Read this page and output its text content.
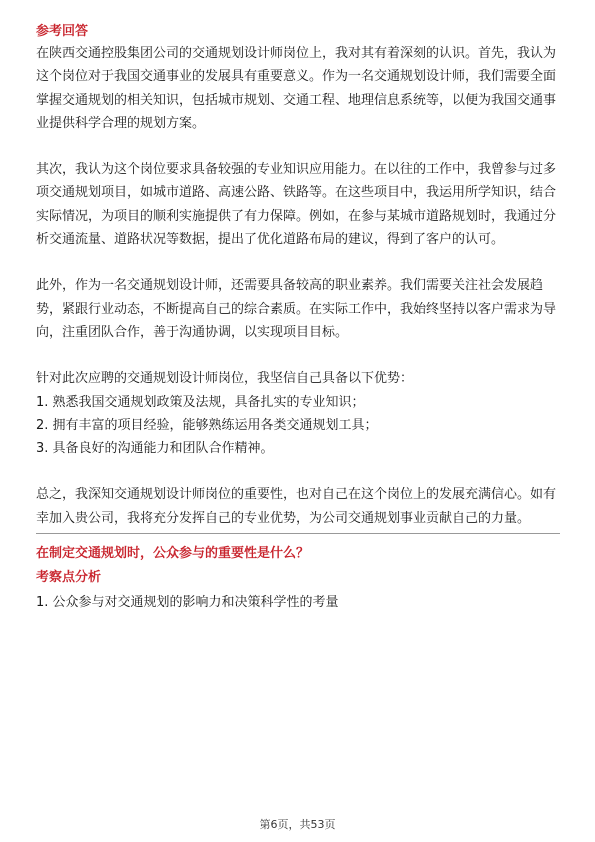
参考回答

在陕西交通控股集团公司的交通规划设计师岗位上，我对其有着深刻的认识。首先，我认为这个岗位对于我国交通事业的发展具有重要意义。作为一名交通规划设计师，我们需要全面掌握交通规划的相关知识，包括城市规划、交通工程、地理信息系统等，以便为我国交通事业提供科学合理的规划方案。

其次，我认为这个岗位要求具备较强的专业知识应用能力。在以往的工作中，我曾参与过多项交通规划项目，如城市道路、高速公路、铁路等。在这些项目中，我运用所学知识，结合实际情况，为项目的顺利实施提供了有力保障。例如，在参与某城市道路规划时，我通过分析交通流量、道路状况等数据，提出了优化道路布局的建议，得到了客户的认可。

此外，作为一名交通规划设计师，还需要具备较高的职业素养。我们需要关注社会发展趋势，紧跟行业动态，不断提高自己的综合素质。在实际工作中，我始终坚持以客户需求为导向，注重团队合作，善于沟通协调，以实现项目目标。

针对此次应聘的交通规划设计师岗位，我坚信自己具备以下优势：

1. 熟悉我国交通规划政策及法规，具备扎实的专业知识；

2. 拥有丰富的项目经验，能够熟练运用各类交通规划工具；

3. 具备良好的沟通能力和团队合作精神。

总之，我深知交通规划设计师岗位的重要性，也对自己在这个岗位上的发展充满信心。如有幸加入贵公司，我将充分发挥自己的专业优势，为公司交通规划事业贡献自己的力量。

在制定交通规划时，公众参与的重要性是什么？

考察点分析

1. 公众参与对交通规划的影响力和决策科学性的考量

第6页，共53页
